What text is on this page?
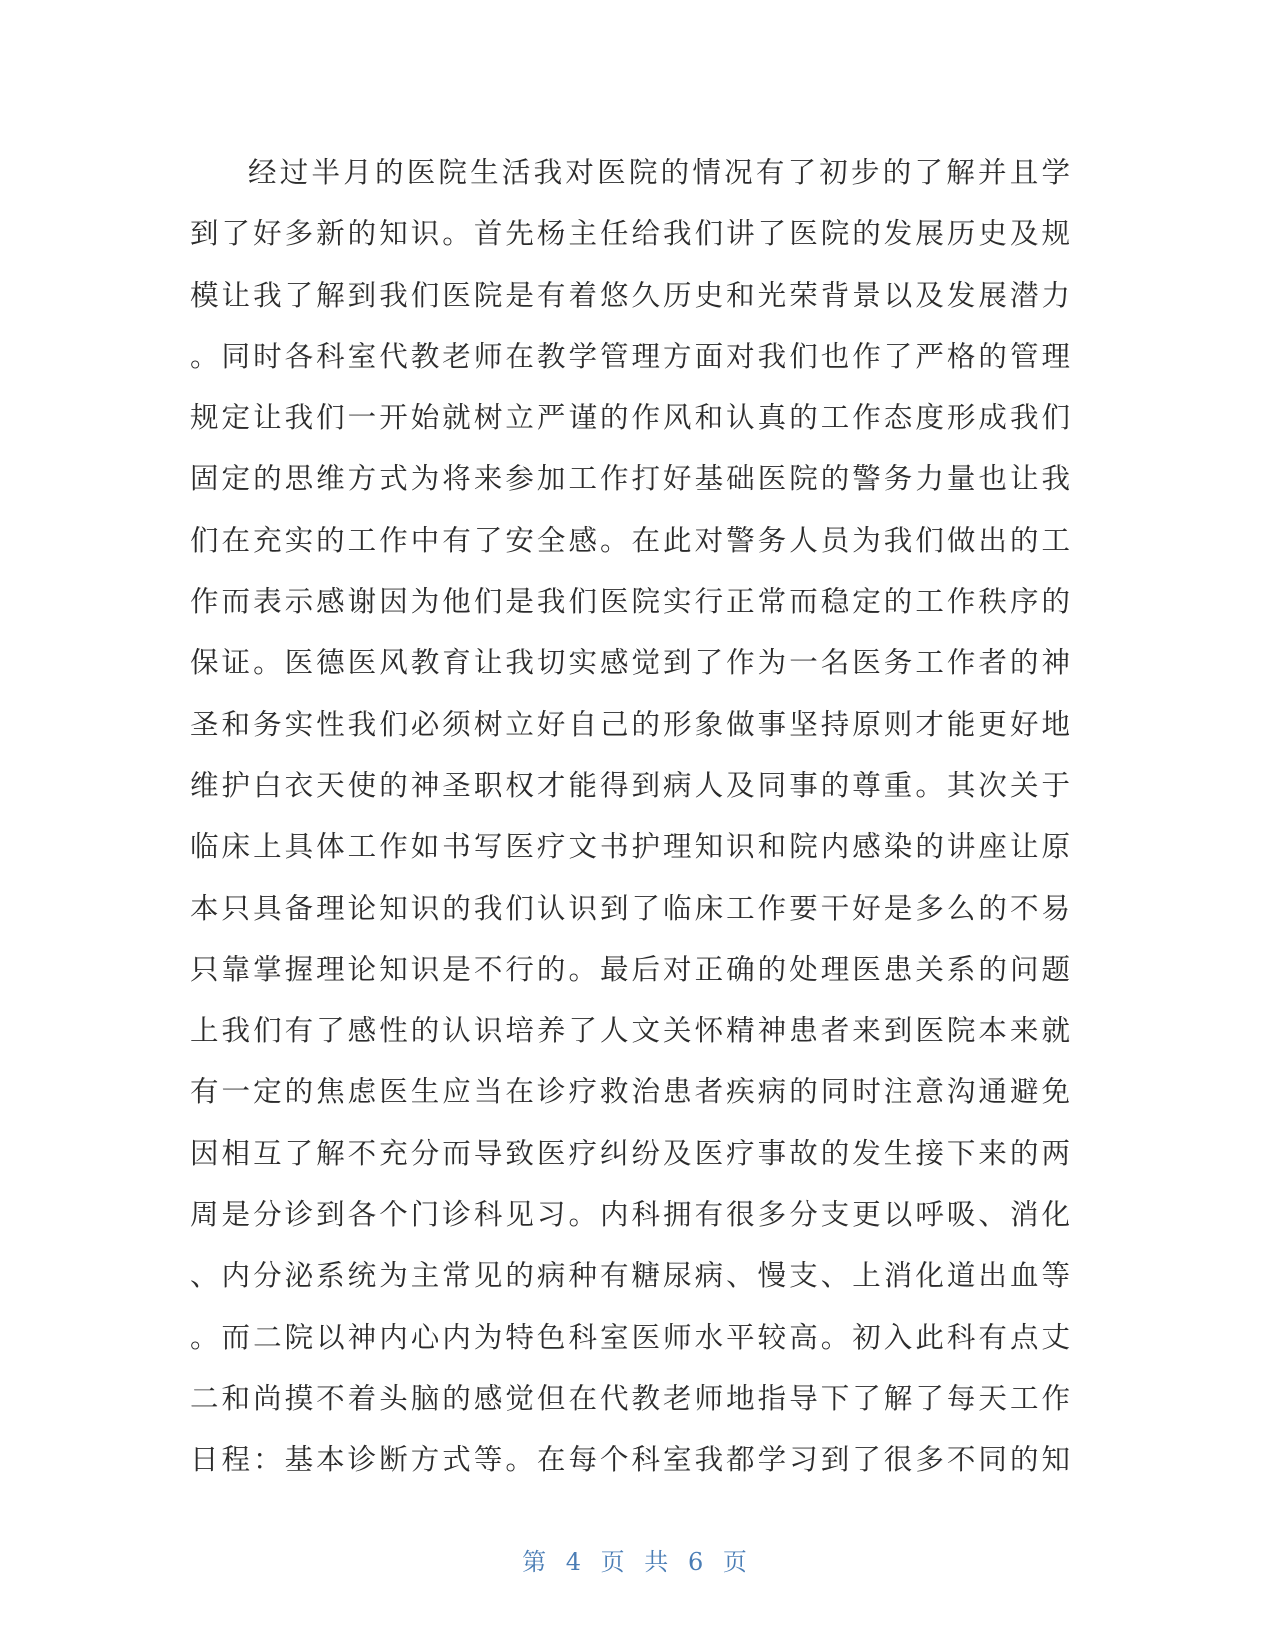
经过半月的医院生活我对医院的情况有了初步的了解并且学
到了好多新的知识。首先杨主任给我们讲了医院的发展历史及规
模让我了解到我们医院是有着悠久历史和光荣背景以及发展潜力
。同时各科室代教老师在教学管理方面对我们也作了严格的管理
规定让我们一开始就树立严谨的作风和认真的工作态度形成我们
固定的思维方式为将来参加工作打好基础医院的警务力量也让我
们在充实的工作中有了安全感。在此对警务人员为我们做出的工
作而表示感谢因为他们是我们医院实行正常而稳定的工作秩序的
保证。医德医风教育让我切实感觉到了作为一名医务工作者的神
圣和务实性我们必须树立好自己的形象做事坚持原则才能更好地
维护白衣天使的神圣职权才能得到病人及同事的尊重。其次关于
临床上具体工作如书写医疗文书护理知识和院内感染的讲座让原
本只具备理论知识的我们认识到了临床工作要干好是多么的不易
只靠掌握理论知识是不行的。最后对正确的处理医患关系的问题
上我们有了感性的认识培养了人文关怀精神患者来到医院本来就
有一定的焦虑医生应当在诊疗救治患者疾病的同时注意沟通避免
因相互了解不充分而导致医疗纠纷及医疗事故的发生接下来的两
周是分诊到各个门诊科见习。内科拥有很多分支更以呼吸、消化
、内分泌系统为主常见的病种有糖尿病、慢支、上消化道出血等
。而二院以神内心内为特色科室医师水平较高。初入此科有点丈
二和尚摸不着头脑的感觉但在代教老师地指导下了解了每天工作
日程：基本诊断方式等。在每个科室我都学习到了很多不同的知
第 4 页 共 6 页
